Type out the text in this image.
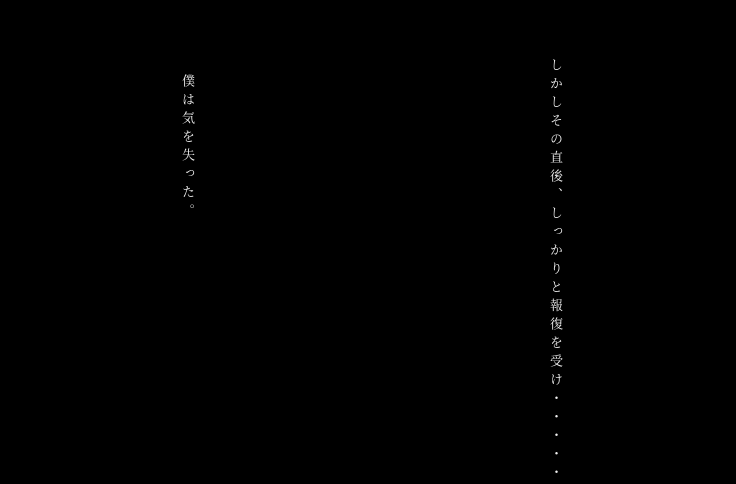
しかしその直後、しっかりと報復を受け・・・・・
僕は気を失った。
